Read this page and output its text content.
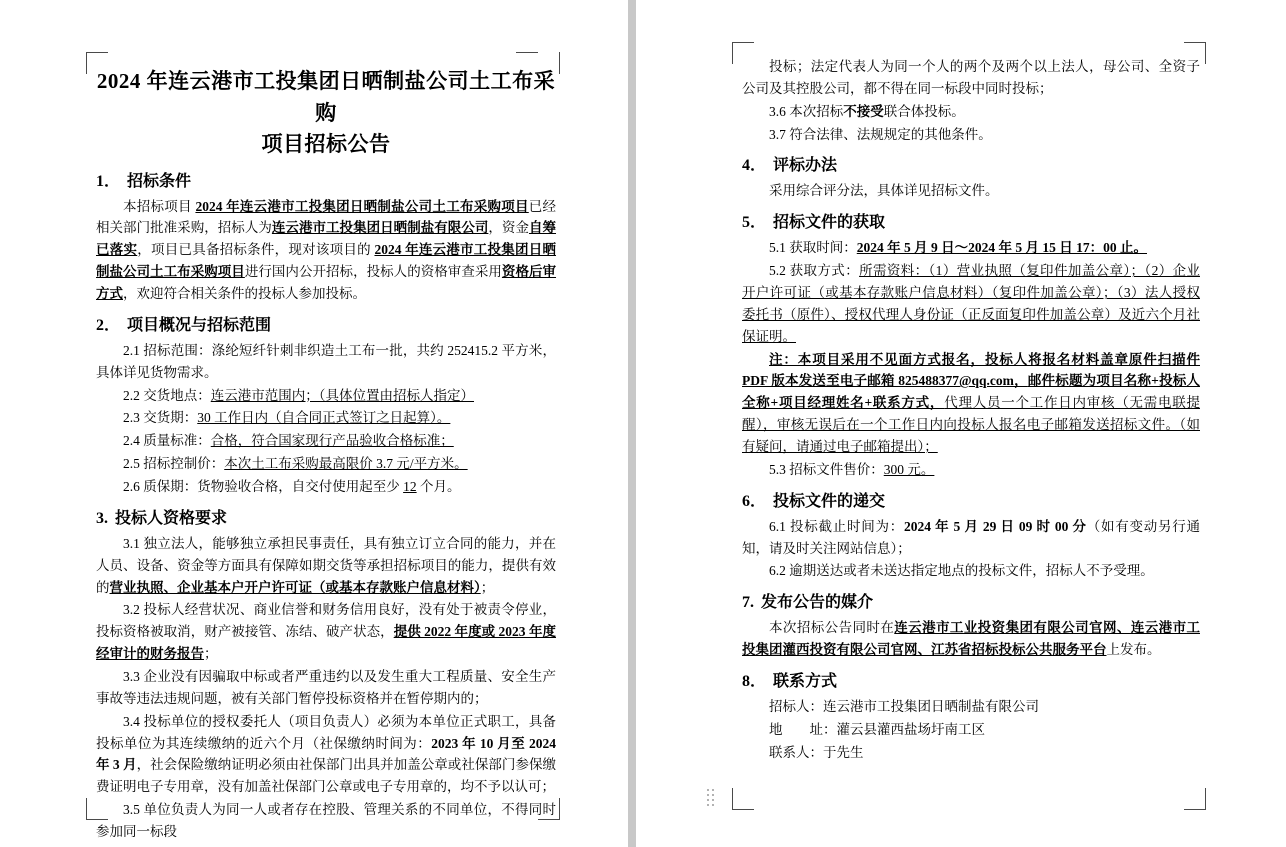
2024 年连云港市工投集团日晒制盐公司土工布采购
项目招标公告
1． 招标条件

本招标项目 2024 年连云港市工投集团日晒制盐公司土工布采购项目已经相关部门批准采购，招标人为连云港市工投集团日晒制盐有限公司，资金自筹已落实，项目已具备招标条件，现对该项目的 2024 年连云港市工投集团日晒制盐公司土工布采购项目进行国内公开招标，投标人的资格审查采用资格后审方式，欢迎符合相关条件的投标人参加投标。

2． 项目概况与招标范围

2.1 招标范围：涤纶短纤针刺非织造土工布一批，共约 252415.2 平方米，具体详见货物需求。

2.2 交货地点：连云港市范围内；（具体位置由招标人指定）

2.3 交货期：30 工作日内（自合同正式签订之日起算）。

2.4 质量标准：合格，符合国家现行产品验收合格标准；

2.5 招标控制价：本次土工布采购最高限价 3.7 元/平方米。

2.6 质保期：货物验收合格，自交付使用起至少 12 个月。

3. 投标人资格要求

3.1 独立法人，能够独立承担民事责任，具有独立订立合同的能力，并在人员、设备、资金等方面具有保障如期交货等承担招标项目的能力，提供有效的营业执照、企业基本户开户许可证（或基本存款账户信息材料）；

3.2 投标人经营状况、商业信誉和财务信用良好，没有处于被责令停业，投标资格被取消，财产被接管、冻结、破产状态，提供 2022 年度或 2023 年度经审计的财务报告；

3.3 企业没有因骗取中标或者严重违约以及发生重大工程质量、安全生产事故等违法违规问题，被有关部门暂停投标资格并在暂停期内的；

3.4 投标单位的授权委托人（项目负责人）必须为本单位正式职工，具备投标单位为其连续缴纳的近六个月（社保缴纳时间为：2023 年 10 月至 2024 年 3 月，社会保险缴纳证明必须由社保部门出具并加盖公章或社保部门参保缴费证明电子专用章，没有加盖社保部门公章或电子专用章的，均不予以认可；

3.5 单位负责人为同一人或者存在控股、管理关系的不同单位，不得同时参加同一标段

投标；法定代表人为同一个人的两个及两个以上法人，母公司、全资子公司及其控股公司，都不得在同一标段中同时投标；

3.6 本次招标不接受联合体投标。

3.7 符合法律、法规规定的其他条件。

4． 评标办法

采用综合评分法，具体详见招标文件。

5． 招标文件的获取

5.1 获取时间：2024 年 5 月 9 日～2024 年 5 月 15 日 17：00 止。

5.2 获取方式：所需资料：（1）营业执照（复印件加盖公章）；（2）企业开户许可证（或基本存款账户信息材料）（复印件加盖公章）；（3）法人授权委托书（原件）、授权代理人身份证（正反面复印件加盖公章）及近六个月社保证明。

注：本项目采用不见面方式报名，投标人将报名材料盖章原件扫描件 PDF 版本发送至电子邮箱 825488377@qq.com，邮件标题为项目名称+投标人全称+项目经理姓名+联系方式，代理人员一个工作日内审核（无需电联提醒），审核无误后在一个工作日内向投标人报名电子邮箱发送招标文件。（如有疑问，请通过电子邮箱提出）；

5.3 招标文件售价：300 元。

6． 投标文件的递交

6.1 投标截止时间为：2024 年 5 月 29 日 09 时 00 分（如有变动另行通知，请及时关注网站信息）；

6.2 逾期送达或者未送达指定地点的投标文件，招标人不予受理。

7. 发布公告的媒介

本次招标公告同时在连云港市工业投资集团有限公司官网、连云港市工投集团灌西投资有限公司官网、江苏省招标投标公共服务平台上发布。

8． 联系方式

招标人：连云港市工投集团日晒制盐有限公司

地　　址：灌云县灌西盐场圩南工区

联系人：于先生
